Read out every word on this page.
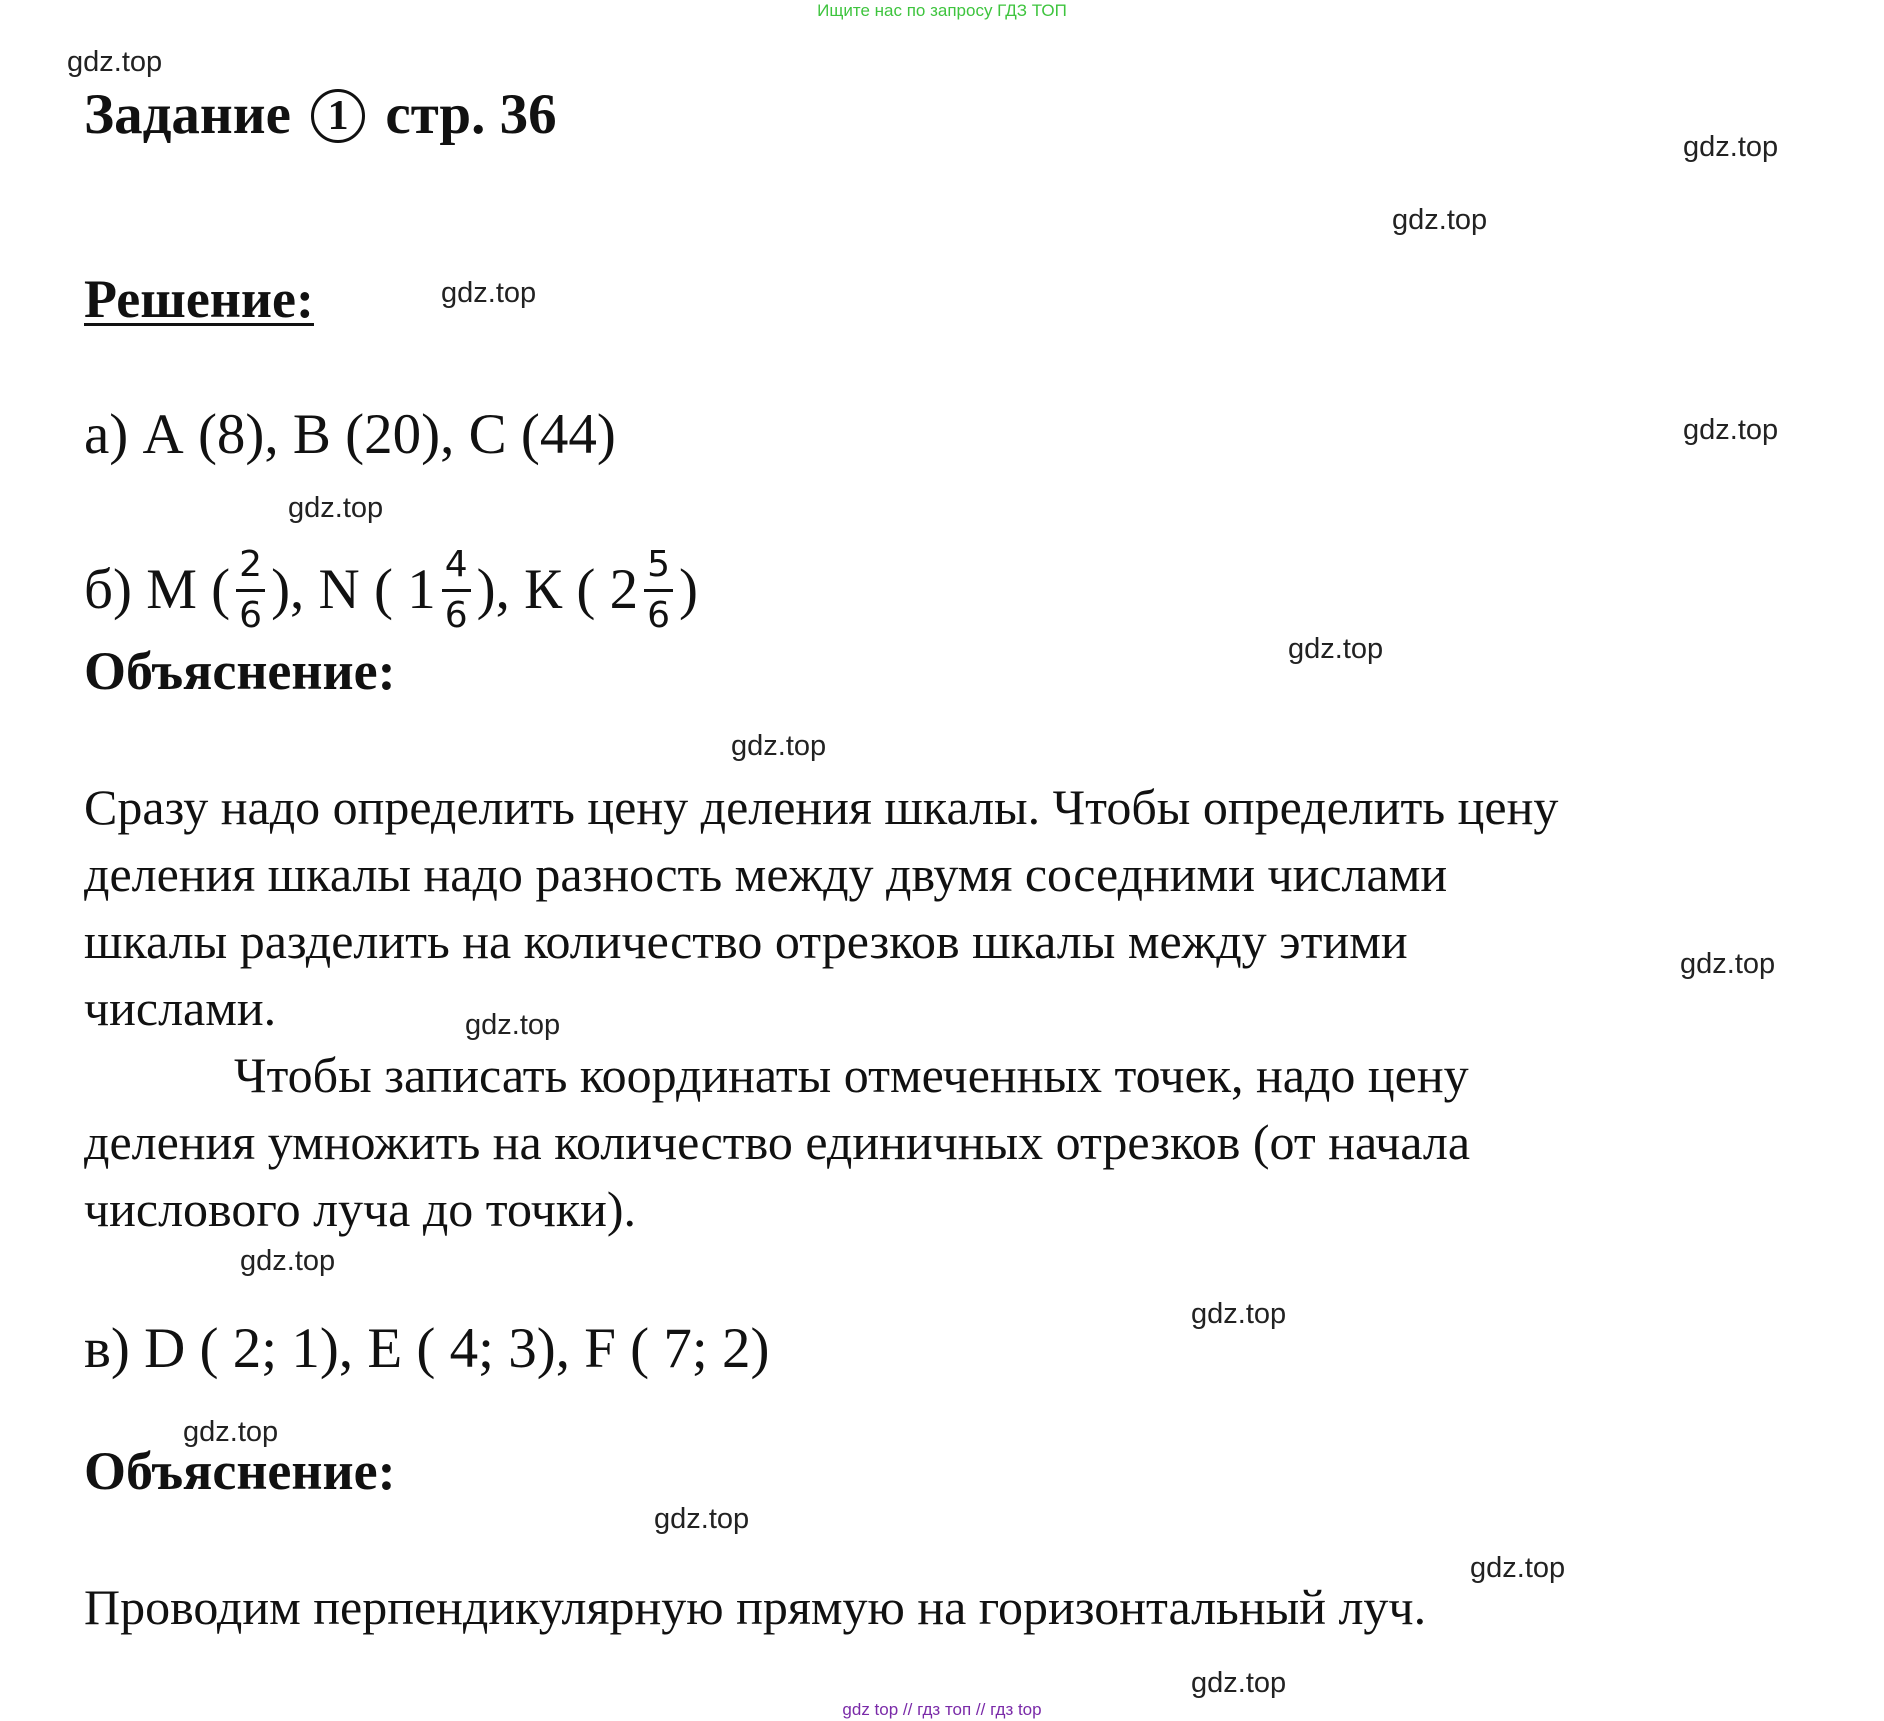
Ищите нас по запросу ГДЗ ТОП
gdz.top
gdz.top
gdz.top
gdz.top
gdz.top
gdz.top
gdz.top
gdz.top
gdz.top
gdz.top
gdz.top
gdz.top
gdz.top
gdz.top
gdz.top
gdz.top
Задание 1 стр. 36
Решение:
а) А (8), В (20), С (44)
б) М ( $\frac{2}{6}$ ), N ( $1 \frac{4}{6}$ ), К ( $2 \frac{5}{6}$ )
Объяснение:

Сразу надо определить цену деления шкалы. Чтобы определить цену

деления шкалы надо разность между двумя соседними числами

шкалы разделить на количество отрезков шкалы между этими

числами.

Чтобы записать координаты отмеченных точек, надо цену

деления умножить на количество единичных отрезков (от начала

числового луча до точки).

в) D ( 2; 1), Е ( 4; 3), F ( 7; 2)
Объяснение:
Проводим перпендикулярную прямую на горизонтальный луч.
gdz top // гдз топ // гдз top
